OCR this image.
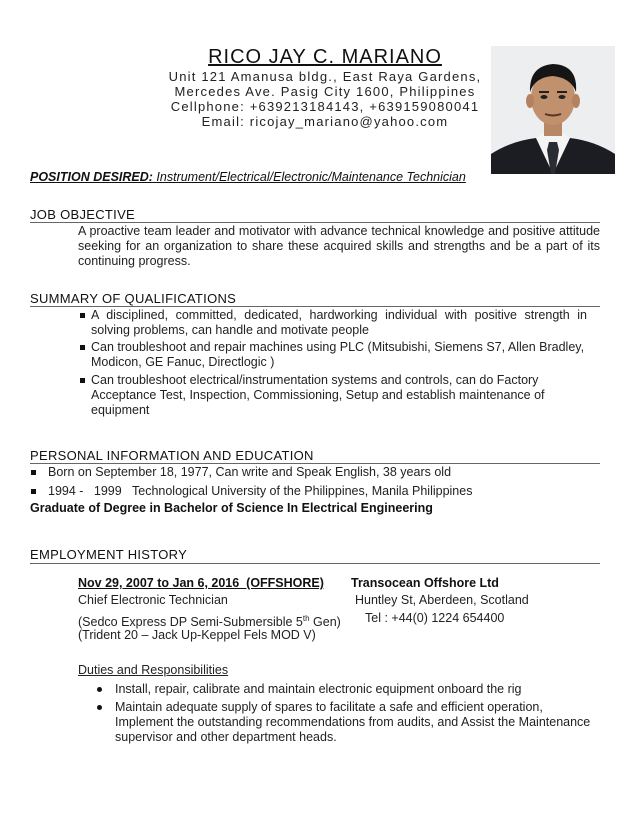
RICO JAY C. MARIANO
Unit 121 Amanusa bldg., East Raya Gardens,
Mercedes Ave. Pasig City 1600, Philippines
Cellphone: +639213184143, +639159080041
Email: ricojay_mariano@yahoo.com
POSITION DESIRED: Instrument/Electrical/Electronic/Maintenance Technician
JOB OBJECTIVE
A proactive team leader and motivator with advance technical knowledge and positive attitude seeking for an organization to share these acquired skills and strengths and be a part of its continuing progress.
SUMMARY OF QUALIFICATIONS
A disciplined, committed, dedicated, hardworking individual with positive strength in solving problems, can handle and motivate people
Can troubleshoot and repair machines using PLC (Mitsubishi, Siemens S7, Allen Bradley, Modicon, GE Fanuc, Directlogic )
Can troubleshoot electrical/instrumentation systems and controls, can do Factory Acceptance Test, Inspection, Commissioning, Setup and establish maintenance of equipment
PERSONAL INFORMATION AND EDUCATION
Born on September 18, 1977, Can write and Speak English, 38 years old
1994 -   1999 Technological University of the Philippines, Manila Philippines
Graduate of Degree in Bachelor of Science In Electrical Engineering
EMPLOYMENT HISTORY
Nov 29, 2007 to Jan 6, 2016  (OFFSHORE) Transocean Offshore Ltd
Chief Electronic Technician	Huntley St, Aberdeen, Scotland
(Sedco Express DP Semi-Submersible 5th Gen) Tel : +44(0) 1224 654400
(Trident 20 – Jack Up-Keppel Fels MOD V)
Duties and Responsibilities
Install, repair, calibrate and maintain electronic equipment onboard the rig
Maintain adequate supply of spares to facilitate a safe and efficient operation, Implement the outstanding recommendations from audits, and Assist the Maintenance supervisor and other department heads.
